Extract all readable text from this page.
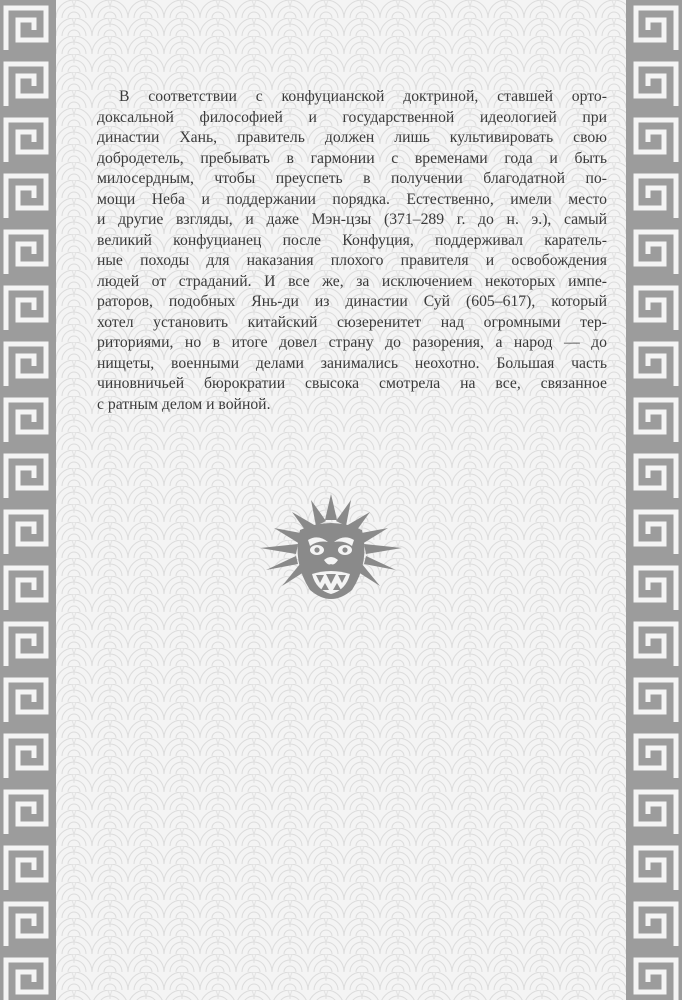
В соответствии с конфуцианской доктриной, ставшей орто-
доксальной философией и государственной идеологией при
династии Хань, правитель должен лишь культивировать свою
добродетель, пребывать в гармонии с временами года и быть
милосердным, чтобы преуспеть в получении благодатной по-
мощи Неба и поддержании порядка. Естественно, имели место
и другие взгляды, и даже Мэн-цзы (371–289 г. до н. э.), самый
великий конфуцианец после Конфуция, поддерживал каратель-
ные походы для наказания плохого правителя и освобождения
людей от страданий. И все же, за исключением некоторых импе-
раторов, подобных Янь-ди из династии Суй (605–617), который
хотел установить китайский сюзеренитет над огромными тер-
риториями, но в итоге довел страну до разорения, а народ — до
нищеты, военными делами занимались неохотно. Большая часть
чиновничьей бюрократии свысока смотрела на все, связанное
с ратным делом и войной.
